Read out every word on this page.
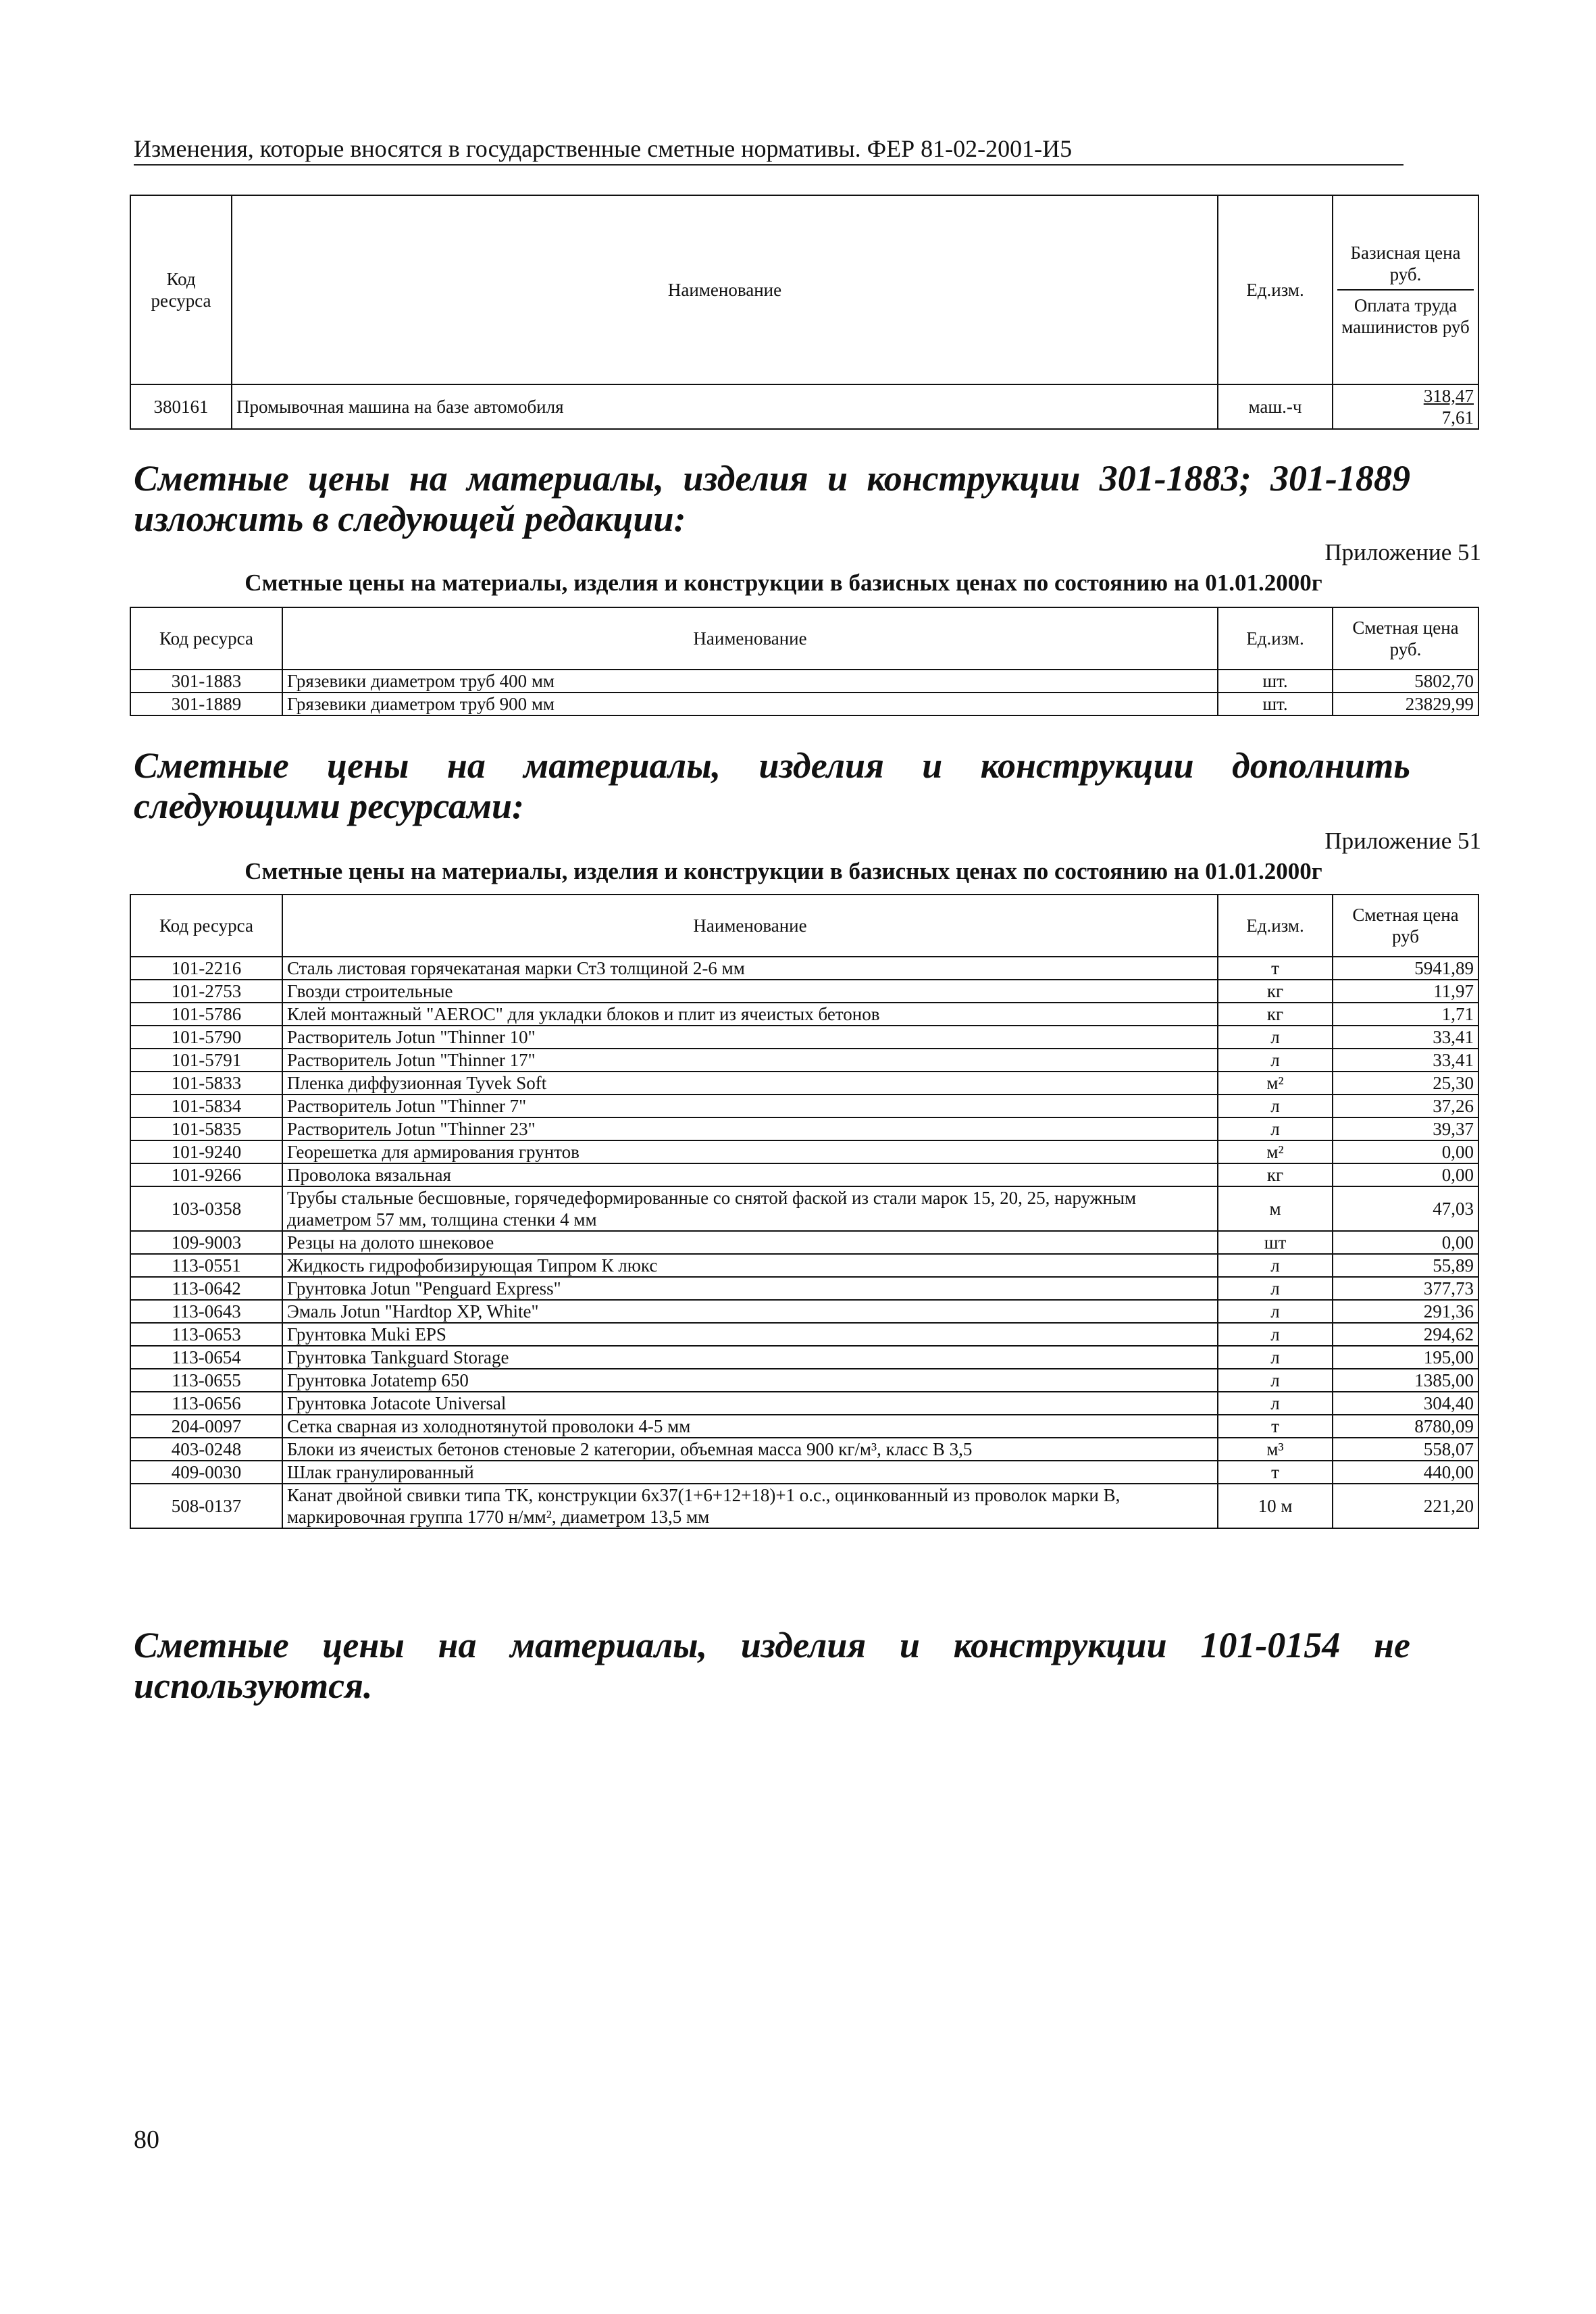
Изменения, которые вносятся в государственные сметные нормативы. ФЕР 81-02-2001-И5
Код ресурса	Наименование	Ед.изм.	Базисная цена руб.
Оплата труда машинистов руб

380161	Промывочная машина на базе автомобиля	маш.-ч	318,47
7,61
Сметные цены на материалы, изделия и конструкции 301-1883; 301-1889
изложить в следующей редакции:
Приложение 51
Сметные цены на материалы, изделия и конструкции в базисных ценах по состоянию на 01.01.2000г
Код ресурса	Наименование	Ед.изм.	Сметная цена руб.
301-1883	Грязевики диаметром труб 400 мм	шт.	5802,70
301-1889	Грязевики диаметром труб 900 мм	шт.	23829,99
Сметные цены на материалы, изделия и конструкции дополнить
следующими ресурсами:
Приложение 51
Сметные цены на материалы, изделия и конструкции в базисных ценах по состоянию на 01.01.2000г
Код ресурса	Наименование	Ед.изм.	Сметная цена руб
101-2216	Сталь листовая горячекатаная марки Ст3 толщиной 2-6 мм	т	5941,89
101-2753	Гвозди строительные	кг	11,97
101-5786	Клей монтажный "AEROC" для укладки блоков и плит из ячеистых бетонов	кг	1,71
101-5790	Растворитель Jotun "Thinner 10"	л	33,41
101-5791	Растворитель Jotun "Thinner 17"	л	33,41
101-5833	Пленка диффузионная Tyvek Soft	м²	25,30
101-5834	Растворитель Jotun "Thinner 7"	л	37,26
101-5835	Растворитель Jotun "Thinner 23"	л	39,37
101-9240	Георешетка для армирования грунтов	м²	0,00
101-9266	Проволока вязальная	кг	0,00
103-0358	Трубы стальные бесшовные, горячедеформированные со снятой фаской из стали марок 15, 20, 25, наружным диаметром 57 мм, толщина стенки 4 мм	м	47,03
109-9003	Резцы на долото шнековое	шт	0,00
113-0551	Жидкость гидрофобизирующая Типром К люкс	л	55,89
113-0642	Грунтовка Jotun "Penguard Express"	л	377,73
113-0643	Эмаль Jotun "Hardtop XP, White"	л	291,36
113-0653	Грунтовка Muki EPS	л	294,62
113-0654	Грунтовка Tankguard Storage	л	195,00
113-0655	Грунтовка Jotatemp 650	л	1385,00
113-0656	Грунтовка Jotacote Universal	л	304,40
204-0097	Сетка сварная из холоднотянутой проволоки 4-5 мм	т	8780,09
403-0248	Блоки из ячеистых бетонов стеновые 2 категории, объемная масса 900 кг/м³, класс В 3,5	м³	558,07
409-0030	Шлак гранулированный	т	440,00
508-0137	Канат двойной свивки типа ТК, конструкции 6х37(1+6+12+18)+1 о.с., оцинкованный из проволок марки В, маркировочная группа 1770 н/мм², диаметром 13,5 мм	10 м	221,20
Сметные цены на материалы, изделия и конструкции 101-0154 не
используются.
80
